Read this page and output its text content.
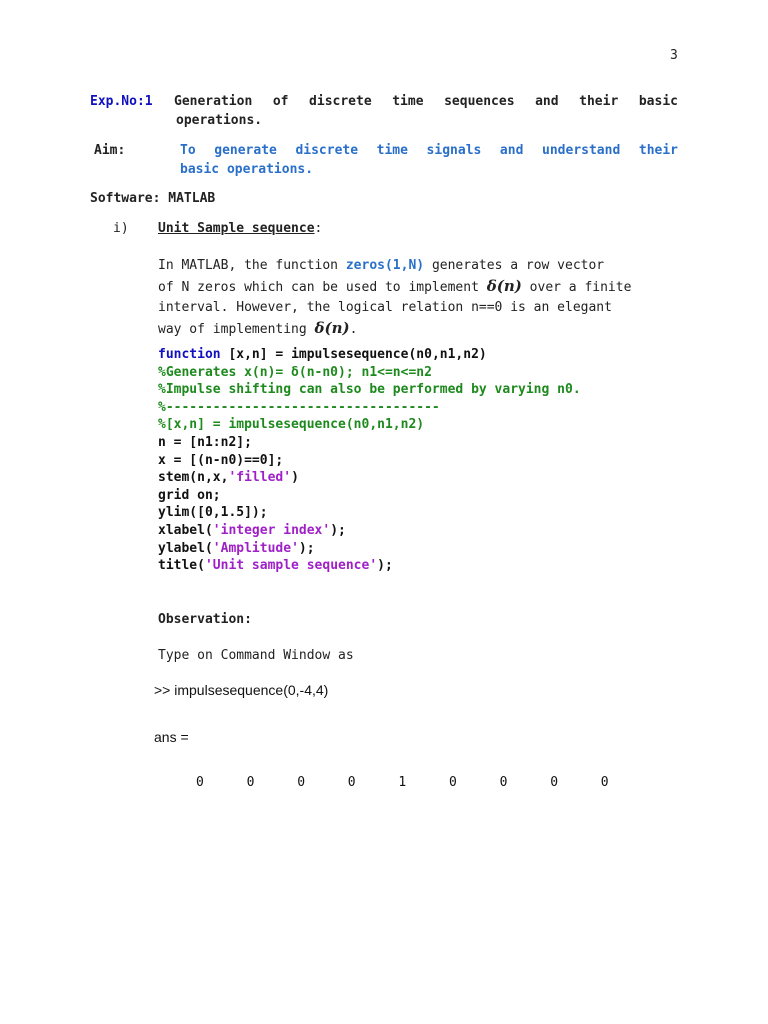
3
Exp.No:1 Generation of discrete time sequences and their basic
operations.
Aim:	To generate discrete time signals and understand their
basic operations.
Software: MATLAB
i) Unit Sample sequence:
In MATLAB, the function zeros(1,N) generates a row vector
of N zeros which can be used to implement δ(n) over a finite
interval. However, the logical relation n==0 is an elegant
way of implementing δ(n).
function [x,n] = impulsesequence(n0,n1,n2)
%Generates x(n)= δ(n-n0); n1<=n<=n2
%Impulse shifting can also be performed by varying n0.
%-----------------------------------
%[x,n] = impulsesequence(n0,n1,n2)
n = [n1:n2];
x = [(n-n0)==0];
stem(n,x,'filled')
grid on;
ylim([0,1.5]);
xlabel('integer index');
ylabel('Amplitude');
title('Unit sample sequence');
Observation:
Type on Command Window as
>> impulsesequence(0,-4,4)
ans =
0	0	0	0	1	0	0	0	0
